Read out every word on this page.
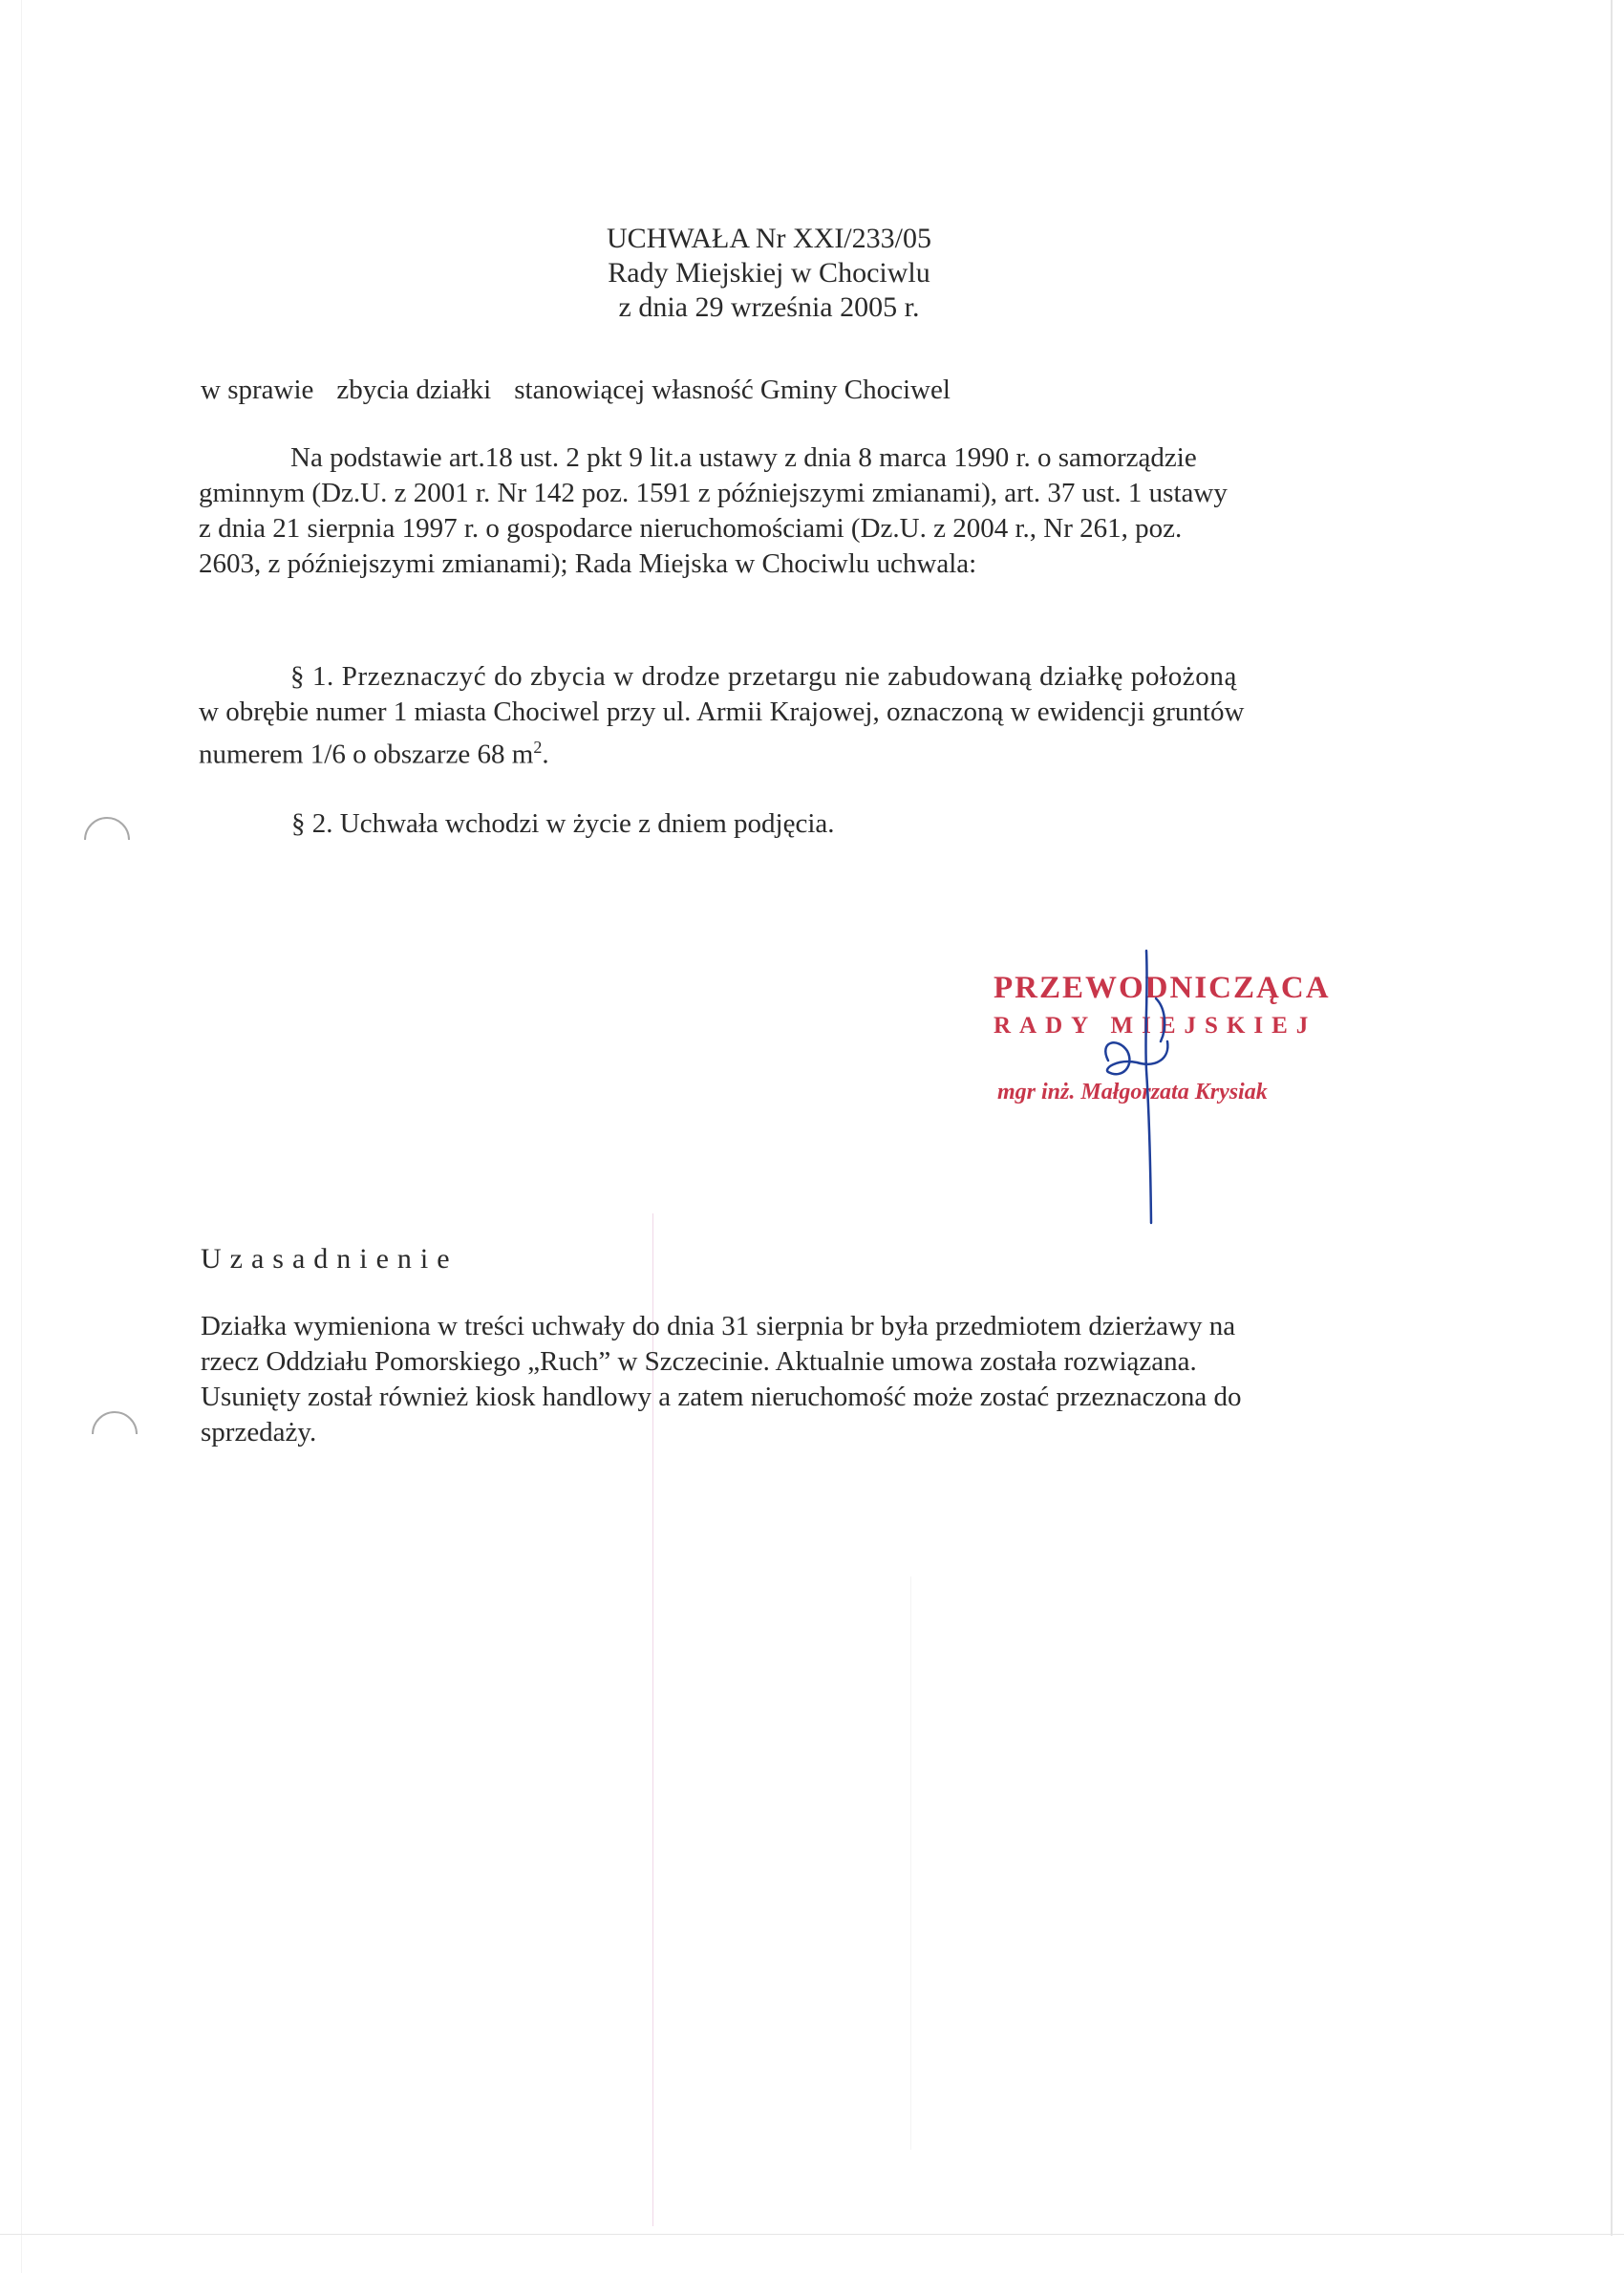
UCHWAŁA Nr XXI/233/05
Rady Miejskiej w Chociwlu
z dnia 29 września 2005 r.
w sprawie zbycia działki stanowiącej własność Gminy Chociwel
Na podstawie art.18 ust. 2 pkt 9 lit.a ustawy z dnia 8 marca 1990 r. o samorządzie
gminnym (Dz.U. z 2001 r. Nr 142 poz. 1591 z późniejszymi zmianami), art. 37 ust. 1 ustawy
z dnia 21 sierpnia 1997 r. o gospodarce nieruchomościami (Dz.U. z 2004 r., Nr 261, poz.
2603, z późniejszymi zmianami); Rada Miejska w Chociwlu uchwala:
§ 1. Przeznaczyć do zbycia w drodze przetargu nie zabudowaną działkę położoną
w obrębie numer 1 miasta Chociwel przy ul. Armii Krajowej, oznaczoną w ewidencji gruntów
numerem 1/6 o obszarze 68 $m^2$.
§ 2. Uchwała wchodzi w życie z dniem podjęcia.
PRZEWODNICZĄCA
RADY MIEJSKIEJ
mgr inż. Małgorzata Krysiak
Uzasadnienie
Działka wymieniona w treści uchwały do dnia 31 sierpnia br była przedmiotem dzierżawy na
rzecz Oddziału Pomorskiego „Ruch” w Szczecinie. Aktualnie umowa została rozwiązana.
Usunięty został również kiosk handlowy a zatem nieruchomość może zostać przeznaczona do
sprzedaży.
